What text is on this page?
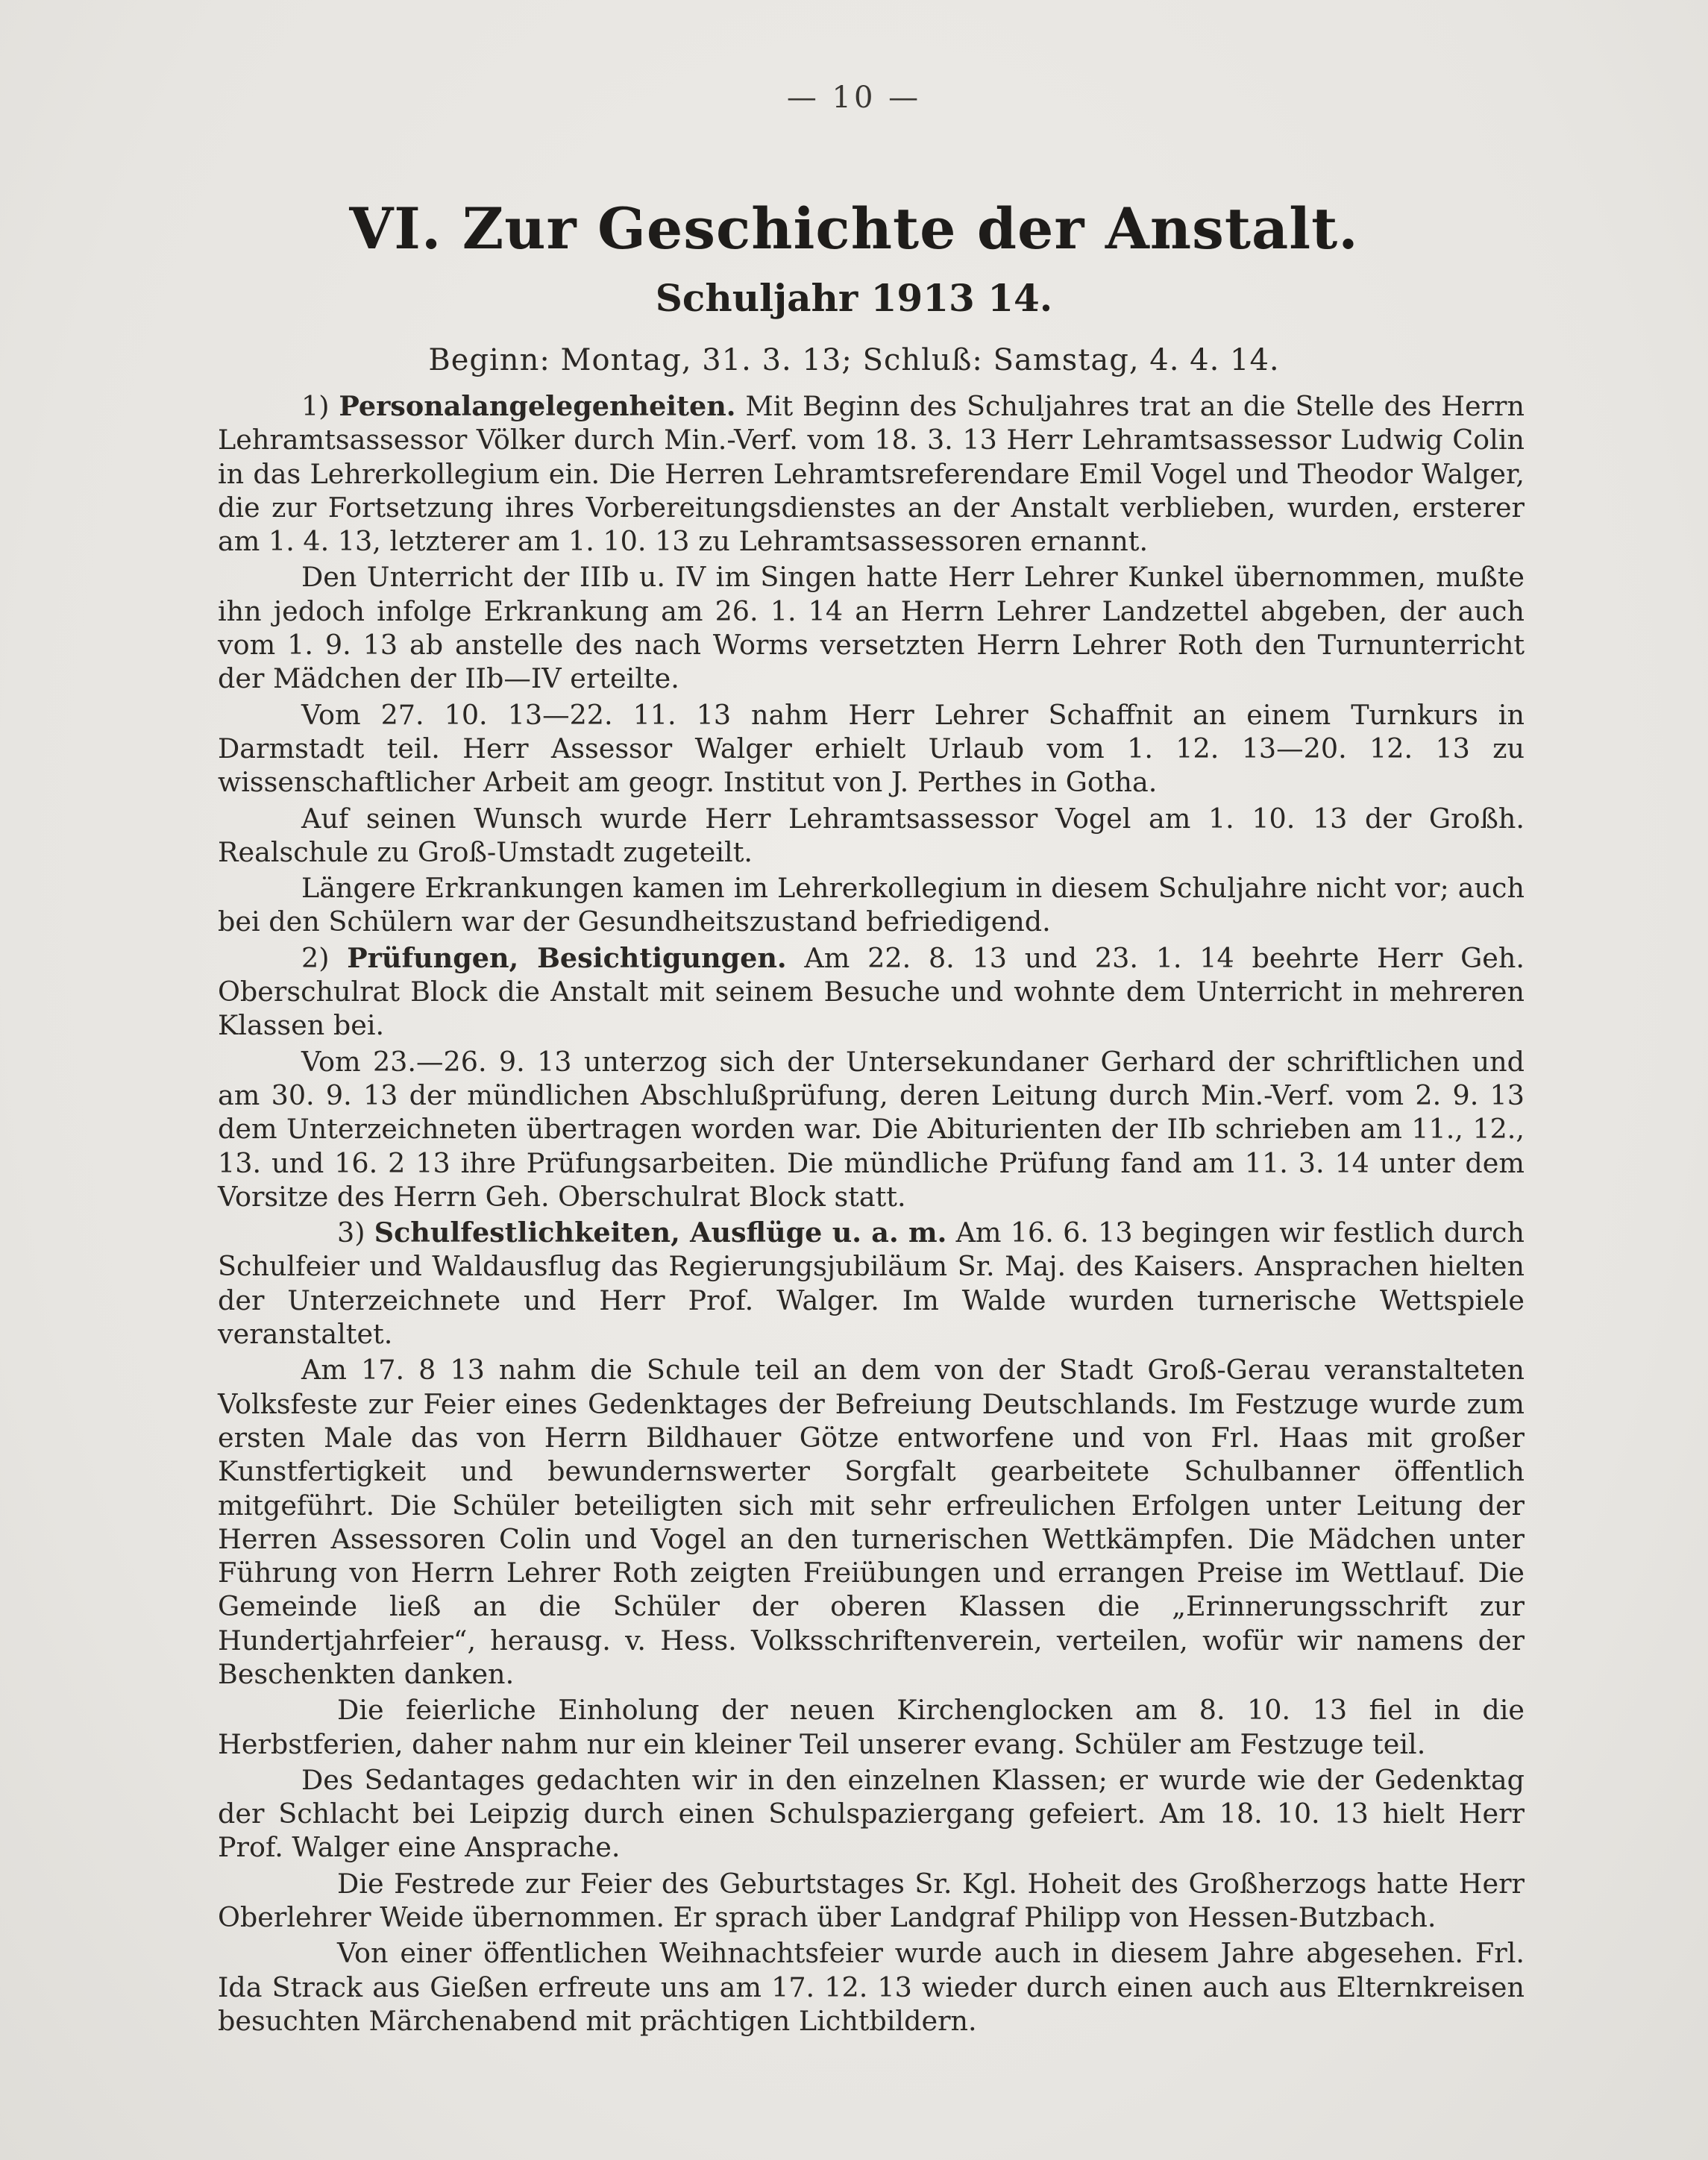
— 10 —
VI. Zur Geschichte der Anstalt.
Schuljahr 1913 14.
Beginn: Montag, 31. 3. 13; Schluß: Samstag, 4. 4. 14.

1) Personalangelegenheiten. Mit Beginn des Schuljahres trat an die Stelle des Herrn Lehramtsassessor Völker durch Min.-Verf. vom 18. 3. 13 Herr Lehramtsassessor Ludwig Colin in das Lehrerkollegium ein. Die Herren Lehramtsreferendare Emil Vogel und Theodor Walger, die zur Fortsetzung ihres Vorbereitungsdienstes an der Anstalt verblieben, wurden, ersterer am 1. 4. 13, letzterer am 1. 10. 13 zu Lehramtsassessoren ernannt.

Den Unterricht der IIIb u. IV im Singen hatte Herr Lehrer Kunkel übernommen, mußte ihn jedoch infolge Erkrankung am 26. 1. 14 an Herrn Lehrer Landzettel abgeben, der auch vom 1. 9. 13 ab anstelle des nach Worms versetzten Herrn Lehrer Roth den Turnunterricht der Mädchen der IIb—IV erteilte.

Vom 27. 10. 13—22. 11. 13 nahm Herr Lehrer Schaffnit an einem Turnkurs in Darmstadt teil. Herr Assessor Walger erhielt Urlaub vom 1. 12. 13—20. 12. 13 zu wissenschaftlicher Arbeit am geogr. Institut von J. Perthes in Gotha.

Auf seinen Wunsch wurde Herr Lehramtsassessor Vogel am 1. 10. 13 der Großh. Realschule zu Groß-Umstadt zugeteilt.

Längere Erkrankungen kamen im Lehrerkollegium in diesem Schuljahre nicht vor; auch bei den Schülern war der Gesundheitszustand befriedigend.

2) Prüfungen, Besichtigungen. Am 22. 8. 13 und 23. 1. 14 beehrte Herr Geh. Oberschulrat Block die Anstalt mit seinem Besuche und wohnte dem Unterricht in mehreren Klassen bei.

Vom 23.—26. 9. 13 unterzog sich der Untersekundaner Gerhard der schriftlichen und am 30. 9. 13 der mündlichen Abschlußprüfung, deren Leitung durch Min.-Verf. vom 2. 9. 13 dem Unterzeichneten übertragen worden war. Die Abiturienten der IIb schrieben am 11., 12., 13. und 16. 2 13 ihre Prüfungsarbeiten. Die mündliche Prüfung fand am 11. 3. 14 unter dem Vorsitze des Herrn Geh. Oberschulrat Block statt.

3) Schulfestlichkeiten, Ausflüge u. a. m. Am 16. 6. 13 begingen wir festlich durch Schulfeier und Waldausflug das Regierungsjubiläum Sr. Maj. des Kaisers. Ansprachen hielten der Unterzeichnete und Herr Prof. Walger. Im Walde wurden turnerische Wettspiele veranstaltet.

Am 17. 8 13 nahm die Schule teil an dem von der Stadt Groß-Gerau veranstalteten Volksfeste zur Feier eines Gedenktages der Befreiung Deutschlands. Im Festzuge wurde zum ersten Male das von Herrn Bildhauer Götze entworfene und von Frl. Haas mit großer Kunstfertigkeit und bewundernswerter Sorgfalt gearbeitete Schulbanner öffentlich mitgeführt. Die Schüler beteiligten sich mit sehr erfreulichen Erfolgen unter Leitung der Herren Assessoren Colin und Vogel an den turnerischen Wettkämpfen. Die Mädchen unter Führung von Herrn Lehrer Roth zeigten Freiübungen und errangen Preise im Wettlauf. Die Gemeinde ließ an die Schüler der oberen Klassen die „Erinnerungsschrift zur Hundertjahrfeier“, herausg. v. Hess. Volksschriftenverein, verteilen, wofür wir namens der Beschenkten danken.

Die feierliche Einholung der neuen Kirchenglocken am 8. 10. 13 fiel in die Herbstferien, daher nahm nur ein kleiner Teil unserer evang. Schüler am Festzuge teil.

Des Sedantages gedachten wir in den einzelnen Klassen; er wurde wie der Gedenktag der Schlacht bei Leipzig durch einen Schulspaziergang gefeiert. Am 18. 10. 13 hielt Herr Prof. Walger eine Ansprache.

Die Festrede zur Feier des Geburtstages Sr. Kgl. Hoheit des Großherzogs hatte Herr Oberlehrer Weide übernommen. Er sprach über Landgraf Philipp von Hessen-Butzbach.

Von einer öffentlichen Weihnachtsfeier wurde auch in diesem Jahre abgesehen. Frl. Ida Strack aus Gießen erfreute uns am 17. 12. 13 wieder durch einen auch aus Elternkreisen besuchten Märchenabend mit prächtigen Lichtbildern.
